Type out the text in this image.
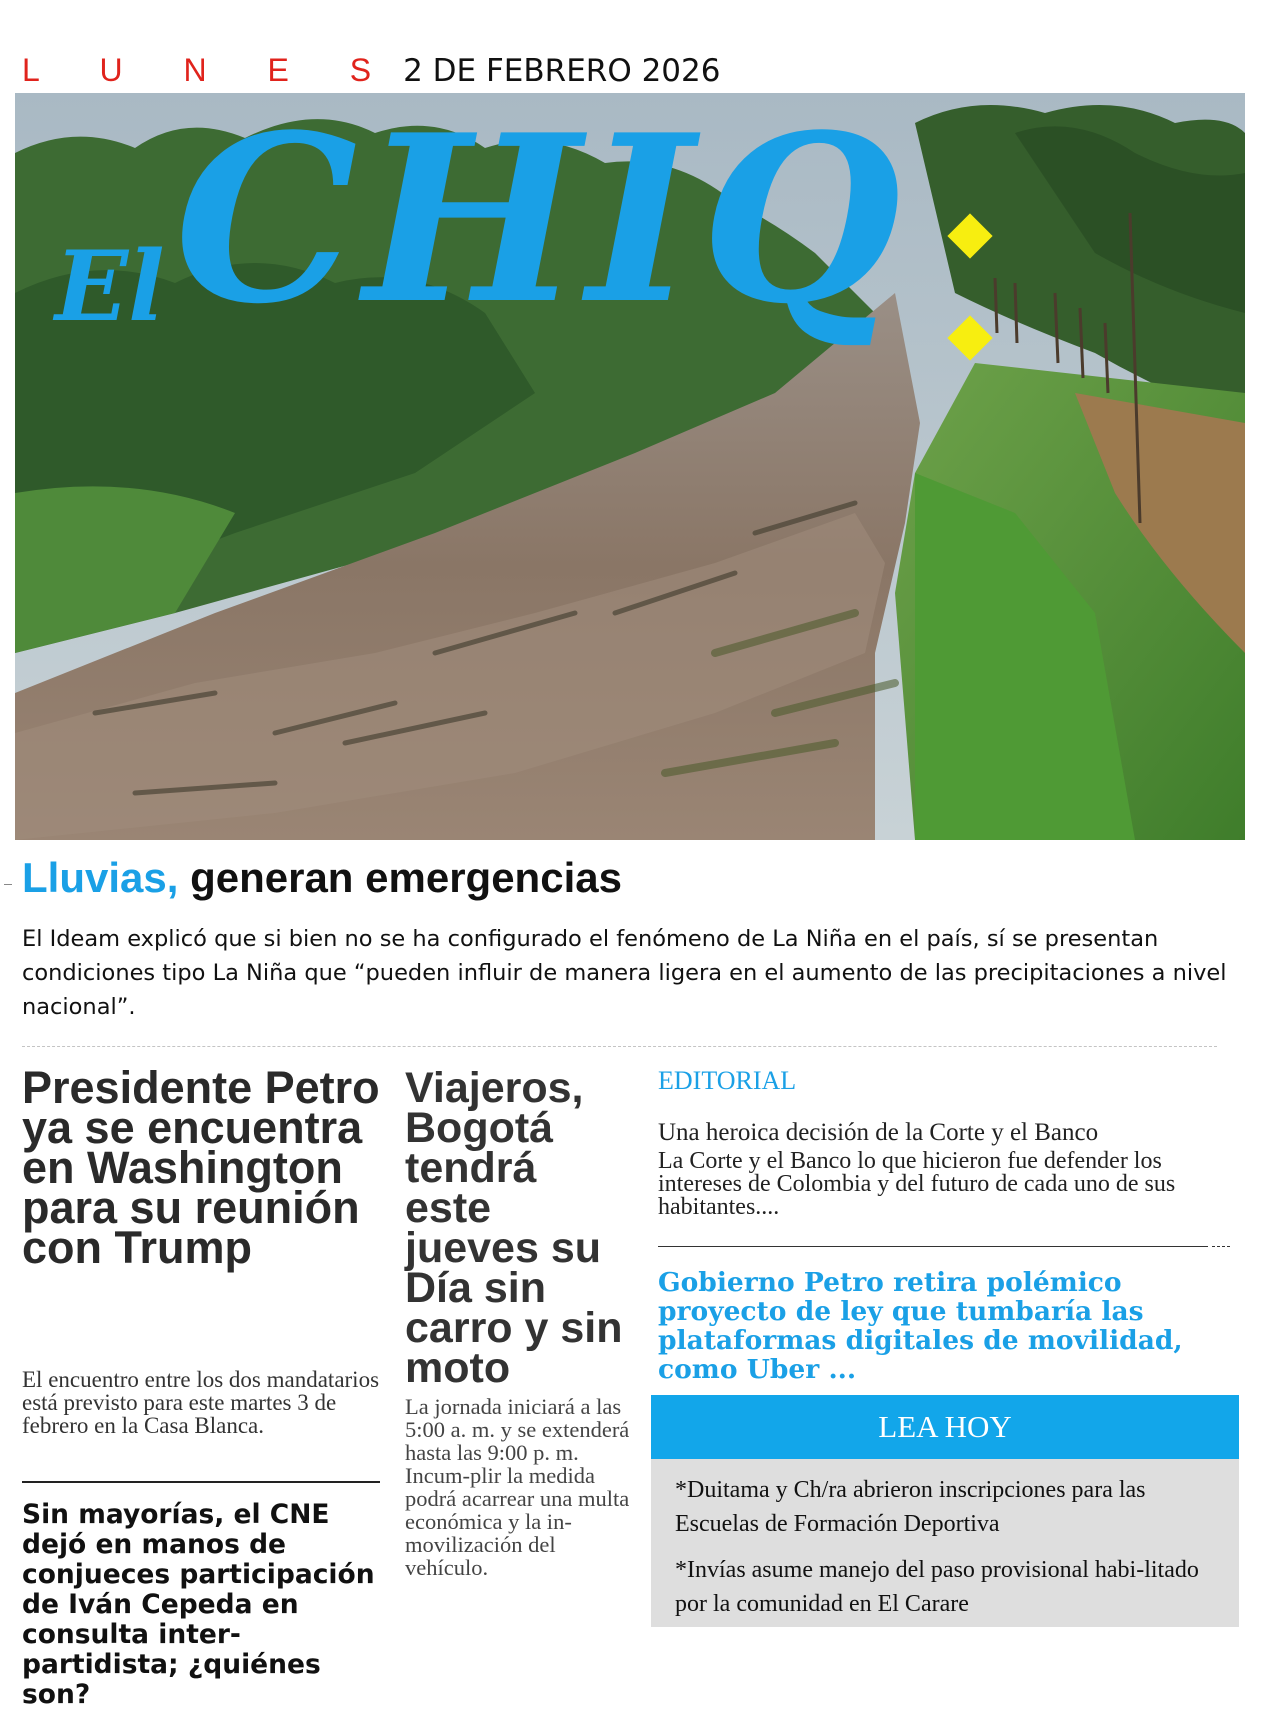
L U N E S 2 DE FEBRERO 2026
El CHIQ
Lluvias, generan emergencias

El Ideam explicó que si bien no se ha configurado el fenómeno de La Niña en el país, sí se presentan condiciones tipo La Niña que “pueden influir de manera ligera en el aumento de las precipitaciones a nivel nacional”.

Presidente Petro ya se encuentra en Washington para su reunión con Trump

El encuentro entre los dos mandatarios está previsto para este martes 3 de febrero en la Casa Blanca.

Sin mayorías, el CNE dejó en manos de conjueces participación de Iván Cepeda en consulta inter-partidista; ¿quiénes son?
Viajeros, Bogotá tendrá este jueves su Día sin carro y sin moto

La jornada iniciará a las 5:00 a. m. y se extenderá hasta las 9:00 p. m. Incum-plir la medida podrá acarrear una multa económica y la in-movilización del vehículo.

EDITORIAL
Una heroica decisión de la Corte y el Banco

La Corte y el Banco lo que hicieron fue defender los intereses de Colombia y del futuro de cada uno de sus habitantes....

Gobierno Petro retira polémico proyecto de ley que tumbaría las plataformas digitales de movilidad, como Uber ...
LEA HOY

*Duitama y Ch/ra abrieron inscripciones para las Escuelas de Formación Deportiva

*Invías asume manejo del paso provisional habi-litado por la comunidad en El Carare
